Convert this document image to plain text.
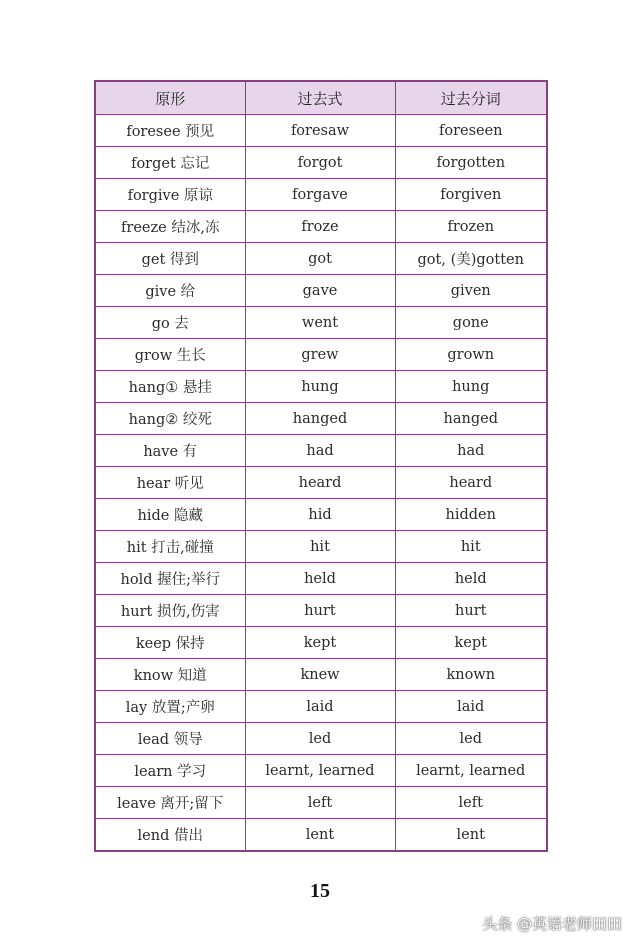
原形	过去式	过去分词
foresee 预见	foresaw	foreseen
forget 忘记	forgot	forgotten
forgive 原谅	forgave	forgiven
freeze 结冰,冻	froze	frozen
get 得到	got	got, (美)gotten
give 给	gave	given
go 去	went	gone
grow 生长	grew	grown
hang① 悬挂	hung	hung
hang② 绞死	hanged	hanged
have 有	had	had
hear 听见	heard	heard
hide 隐藏	hid	hidden
hit 打击,碰撞	hit	hit
hold 握住;举行	held	held
hurt 损伤,伤害	hurt	hurt
keep 保持	kept	kept
know 知道	knew	known
lay 放置;产卵	laid	laid
lead 领导	led	led
learn 学习	learnt, learned	learnt, learned
leave 离开;留下	left	left
lend 借出	lent	lent
15
头条 @英语老师田田
